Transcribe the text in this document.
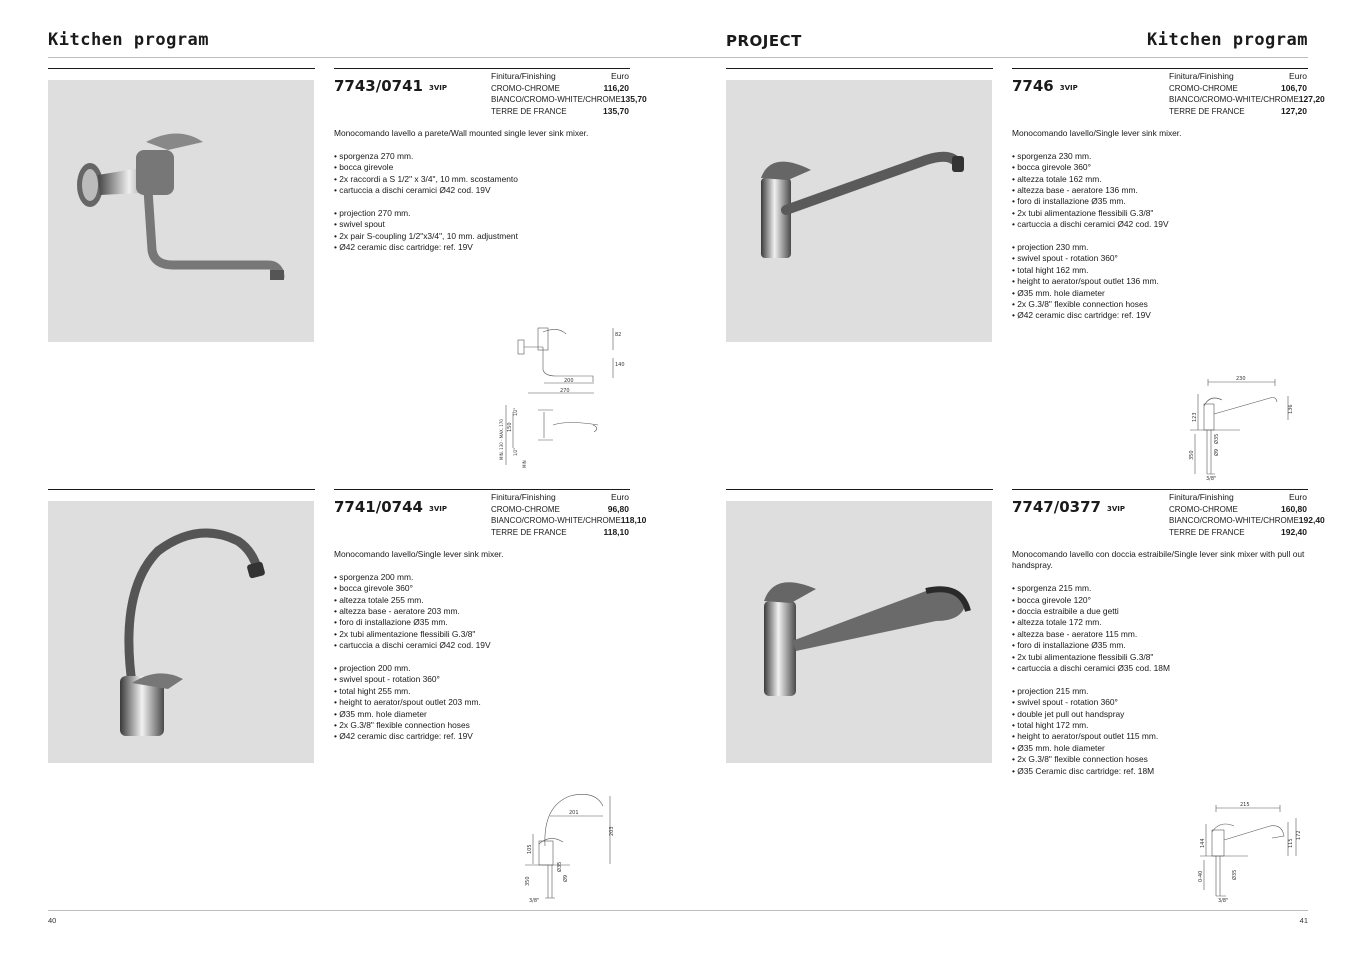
Kitchen program	PROJECT	Kitchen program
7743/0741 3VIP
Finitura/Finishing	Euro
CROMO-CHROME	116,20
BIANCO/CROMO-WHITE/CHROME 135,70
TERRE DE FRANCE	135,70

Monocomando lavello a parete/Wall mounted single lever sink mixer.

• sporgenza 270 mm.
• bocca girevole
• 2x raccordi a S 1/2" x 3/4", 10 mm. scostamento
• cartuccia a dischi ceramici Ø42 cod. 19V
• projection 270 mm.
• swivel spout
• 2x pair S-coupling 1/2"x3/4", 10 mm. adjustment
• Ø42 ceramic disc cartridge: ref. 19V
82
140
200
270
MIN. 130 - MAX. 170 150
1/2"
1/2"
MIN
7746 3VIP
Finitura/Finishing	Euro
CROMO-CHROME	106,70
BIANCO/CROMO-WHITE/CHROME 127,20
TERRE DE FRANCE	127,20

Monocomando lavello/Single lever sink mixer.

• sporgenza 230 mm.
• bocca girevole 360°
• altezza totale 162 mm.
• altezza base - aeratore 136 mm.
• foro di installazione Ø35 mm.
• 2x tubi alimentazione flessibili G.3/8"
• cartuccia a dischi ceramici Ø42 cod. 19V
• projection 230 mm.
• swivel spout - rotation 360°
• total hight 162 mm.
• height to aerator/spout outlet 136 mm.
• Ø35 mm. hole diameter
• 2x G.3/8" flexible connection hoses
• Ø42 ceramic disc cartridge: ref. 19V
230
123
136
350
Ø35
Ø9
3/8"
7741/0744 3VIP
Finitura/Finishing	Euro
CROMO-CHROME	96,80
BIANCO/CROMO-WHITE/CHROME 118,10
TERRE DE FRANCE	118,10

Monocomando lavello/Single lever sink mixer.

• sporgenza 200 mm.
• bocca girevole 360°
• altezza totale 255 mm.
• altezza base - aeratore 203 mm.
• foro di installazione Ø35 mm.
• 2x tubi alimentazione flessibili G.3/8"
• cartuccia a dischi ceramici Ø42 cod. 19V
• projection 200 mm.
• swivel spout - rotation 360°
• total hight 255 mm.
• height to aerator/spout outlet 203 mm.
• Ø35 mm. hole diameter
• 2x G.3/8" flexible connection hoses
• Ø42 ceramic disc cartridge: ref. 19V
201
203
105
350
Ø35
Ø9
3/8"
7747/0377 3VIP
Finitura/Finishing	Euro
CROMO-CHROME	160,80
BIANCO/CROMO-WHITE/CHROME 192,40
TERRE DE FRANCE	192,40

Monocomando lavello con doccia estraibile/Single lever sink mixer with pull out handspray.

• sporgenza 215 mm.
• bocca girevole 120°
• doccia estraibile a due getti
• altezza totale 172 mm.
• altezza base - aeratore 115 mm.
• foro di installazione Ø35 mm.
• 2x tubi alimentazione flessibili G.3/8"
• cartuccia a dischi ceramici Ø35 cod. 18M
• projection 215 mm.
• swivel spout - rotation 360°
• double jet pull out handspray
• total hight 172 mm.
• height to aerator/spout outlet 115 mm.
• Ø35 mm. hole diameter
• 2x G.3/8" flexible connection hoses
• Ø35 Ceramic disc cartridge: ref. 18M
215
144	115
172
0-40	Ø35
3/8"
40	41
